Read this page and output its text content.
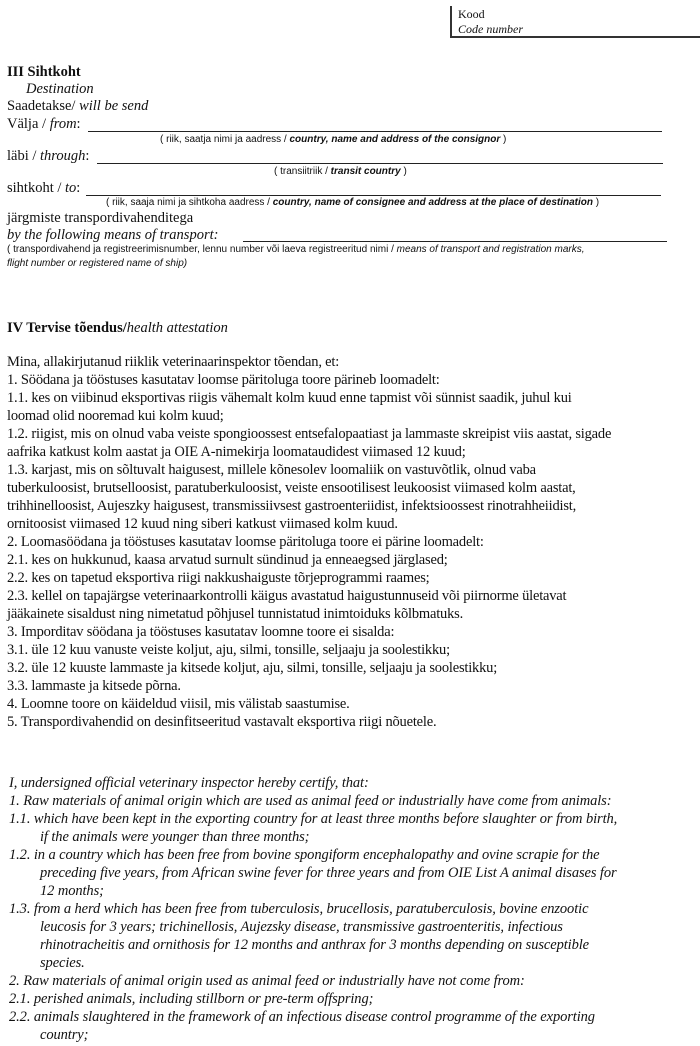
Kood
Code number
III Sihtkoht
Destination
Saadetakse/ will be send
Välja / from:
( riik, saatja nimi ja aadress / country, name and address of the consignor )
läbi / through:
( transiitriik / transit country )
sihtkoht / to:
( riik, saaja nimi ja sihtkoha aadress / country, name of consignee and address at the place of destination )
järgmiste transpordivahenditega
by the following means of transport:
( transpordivahend ja registreerimisnumber, lennu number või laeva registreeritud nimi / means of transport and registration marks,
flight number or registered name of ship)
IV Tervise tõendus/health attestation
Mina, allakirjutanud riiklik veterinaarinspektor tõendan, et:
1. Söödana ja tööstuses kasutatav loomse päritoluga toore pärineb loomadelt:
1.1. kes on viibinud eksportivas riigis vähemalt kolm kuud enne tapmist või sünnist saadik, juhul kui
loomad olid nooremad kui kolm kuud;
1.2. riigist, mis on olnud vaba veiste spongioossest entsefalopaatiast ja lammaste skreipist viis aastat, sigade
aafrika katkust kolm aastat ja OIE A-nimekirja loomataudidest viimased 12 kuud;
1.3. karjast, mis on sõltuvalt haigusest, millele kõnesolev loomaliik on vastuvõtlik, olnud vaba
tuberkuloosist, brutselloosist, paratuberkuloosist, veiste ensootilisest leukoosist viimased kolm aastat,
trihhinelloosist, Aujeszky haigusest, transmissiivsest gastroenteriidist, infektsioossest rinotrahheiidist,
ornitoosist viimased 12 kuud ning siberi katkust viimased kolm kuud.
2. Loomasöödana ja tööstuses kasutatav loomse päritoluga toore ei pärine loomadelt:
2.1. kes on hukkunud, kaasa arvatud surnult sündinud ja enneaegsed järglased;
2.2. kes on tapetud eksportiva riigi nakkushaiguste tõrjeprogrammi raames;
2.3. kellel on tapajärgse veterinaarkontrolli käigus avastatud haigustunnuseid või piirnorme ületavat
jääkainete sisaldust ning nimetatud põhjusel tunnistatud inimtoiduks kõlbmatuks.
3. Imporditav söödana ja tööstuses kasutatav loomne toore ei sisalda:
3.1. üle 12 kuu vanuste veiste koljut, aju, silmi, tonsille, seljaaju ja soolestikku;
3.2. üle 12 kuuste lammaste ja kitsede koljut, aju, silmi, tonsille, seljaaju ja soolestikku;
3.3. lammaste ja kitsede põrna.
4. Loomne toore on käideldud viisil, mis välistab saastumise.
5. Transpordivahendid on desinfitseeritud vastavalt eksportiva riigi nõuetele.
I, undersigned official veterinary inspector hereby certify, that:
1. Raw materials of animal origin which are used as animal feed or industrially have come from animals:
1.1. which have been kept in the exporting country for at least three months before slaughter or from birth,
if the animals were younger than three months;
1.2. in a country which has been free from bovine spongiform encephalopathy and ovine scrapie for the
preceding five years, from African swine fever for three years and from OIE List A animal disases for
12 months;
1.3. from a herd which has been free from tuberculosis, brucellosis, paratuberculosis, bovine enzootic
leucosis for 3 years; trichinellosis, Aujezsky disease, transmissive gastroenteritis, infectious
rhinotracheitis and ornithosis for 12 months and anthrax for 3 months depending on susceptible
species.
2. Raw materials of animal origin used as animal feed or industrially have not come from:
2.1. perished animals, including stillborn or pre-term offspring;
2.2. animals slaughtered in the framework of an infectious disease control programme of the exporting
country;
